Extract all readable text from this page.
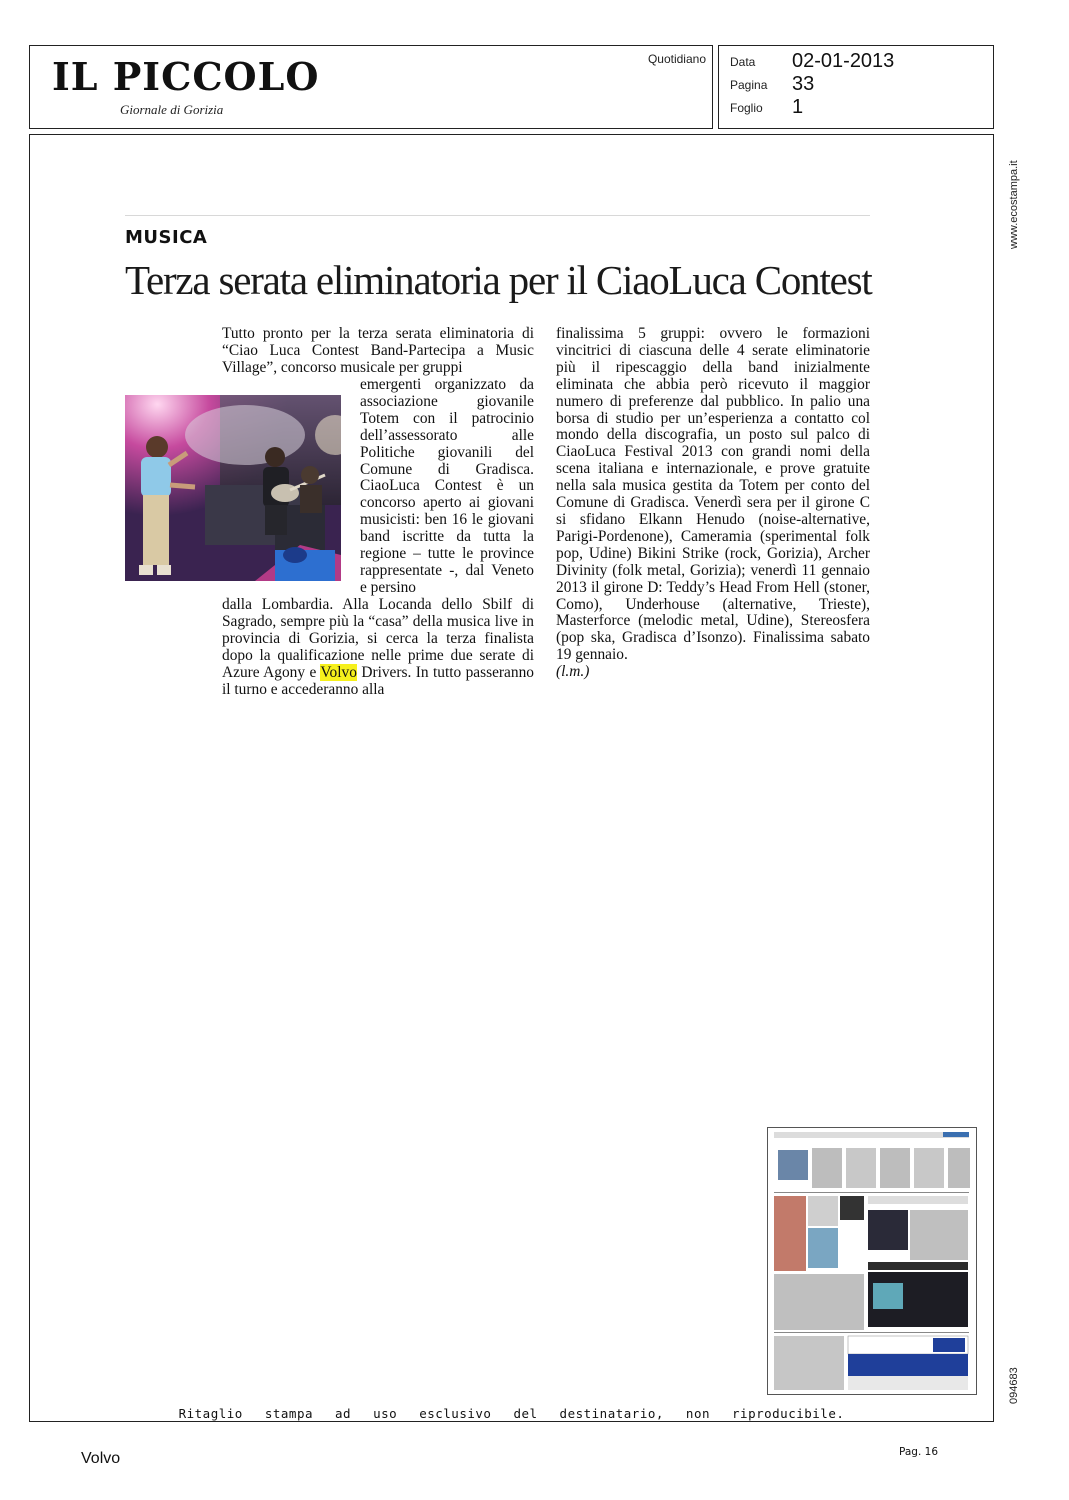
IL PICCOLO
Giornale di Gorizia
Quotidiano Data 02-01-2013
Pagina 33
Foglio 1
www.ecostampa.it
094683
MUSICA
Terza serata eliminatoria per il CiaoLuca Contest

Tutto pronto per la terza serata eliminatoria di “Ciao Luca Contest Band-Partecipa a Music Village”, concorso musicale per gruppi

emergenti organizzato da associazione giovanile Totem con il patrocinio dell’assessorato alle Politiche giovanili del Comune di Gradisca. CiaoLuca Contest è un concorso aperto ai giovani musicisti: ben 16 le giovani band iscritte da tutta la regione – tutte le province rappresentate -, dal Veneto e persino

dalla Lombardia. Alla Locanda dello Sbilf di Sagrado, sempre più la “casa” della musica live in provincia di Gorizia, si cerca la terza finalista dopo la qualificazione nelle prime due serate di Azure Agony e Volvo Drivers. In tutto passeranno il turno e accederanno alla

finalissima 5 gruppi: ovvero le formazioni vincitrici di ciascuna delle 4 serate eliminatorie più il ripescaggio della band inizialmente eliminata che abbia però ricevuto il maggior numero di preferenze dal pubblico. In palio una borsa di studio per un’esperienza a contatto col mondo della discografia, un posto sul palco di CiaoLuca Festival 2013 con grandi nomi della scena italiana e internazionale, e prove gratuite nella sala musica gestita da Totem per conto del Comune di Gradisca. Venerdì sera per il girone C si sfidano Elkann Henudo (noise-alternative, Parigi-Pordenone), Cameramia (sperimental folk pop, Udine) Bikini Strike (rock, Gorizia), Archer Divinity (folk metal, Gorizia); venerdì 11 gennaio 2013 il girone D: Teddy’s Head From Hell (stoner, Como), Underhouse (alternative, Trieste), Masterforce (melodic metal, Udine), Stereosfera (pop ska, Gradisca d’Isonzo). Finalissima sabato 19 gennaio.

(l.m.)

Ritaglio stampa ad uso esclusivo del destinatario, non riproducibile.
Volvo	Pag. 16
